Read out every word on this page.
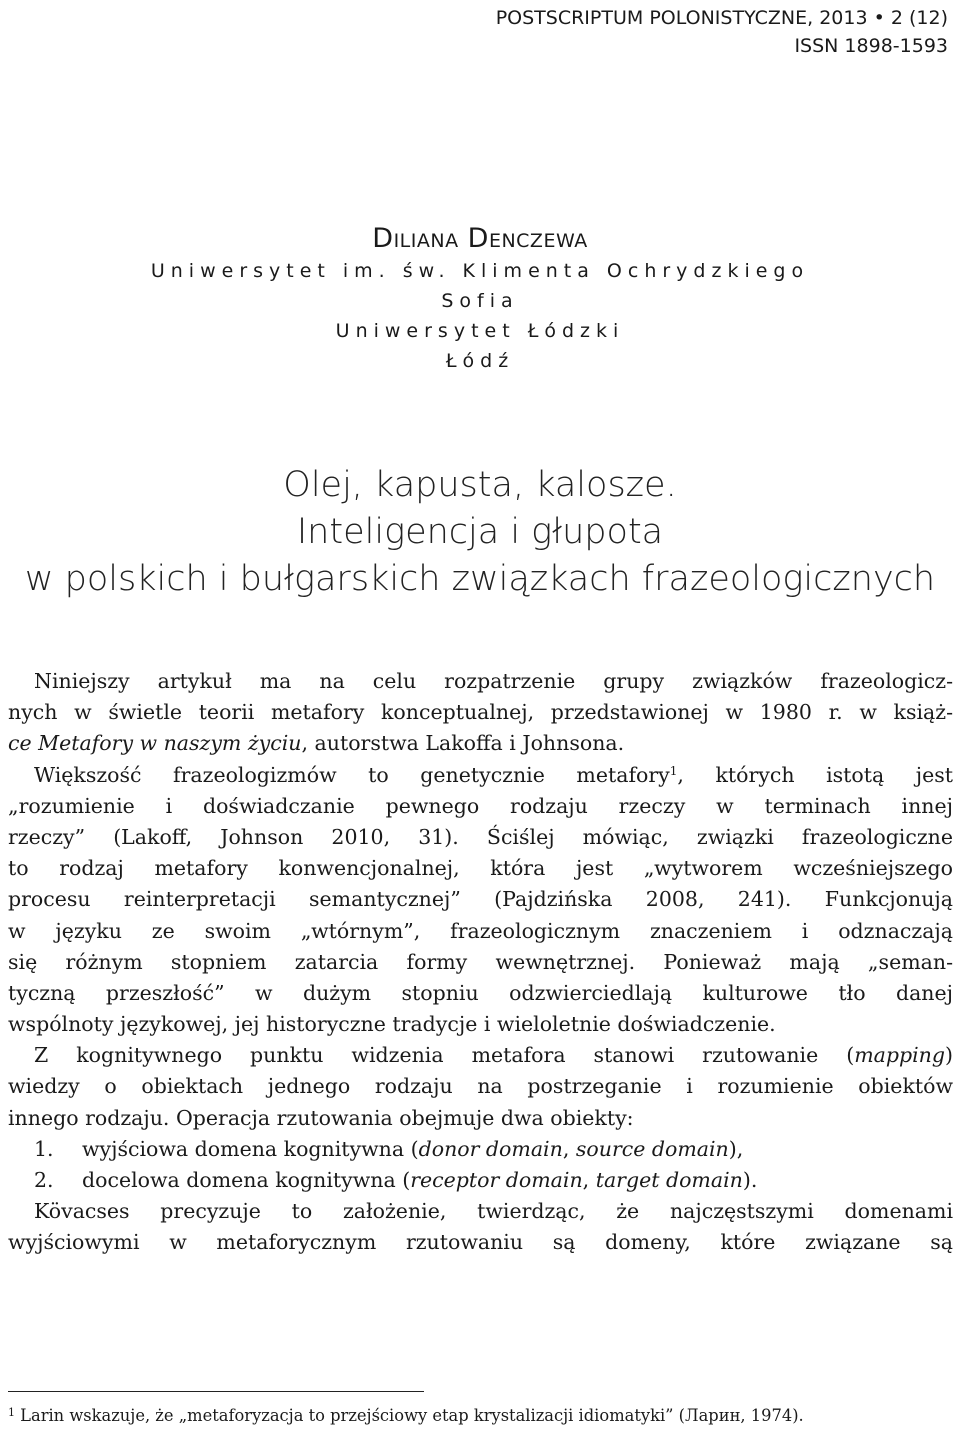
POSTSCRIPTUM POLONISTYCZNE, 2013 • 2 (12)
ISSN 1898-1593
Diliana Denczewa
Uniwersytet im. św. Klimenta Ochrydzkiego
Sofia
Uniwersytet Łódzki
Łódź
Olej, kapusta, kalosze.
Inteligencja i głupota
w polskich i bułgarskich związkach frazeologicznych
Niniejszy artykuł ma na celu rozpatrzenie grupy związków frazeologicz-
nych w świetle teorii metafory konceptualnej, przedstawionej w 1980 r. w książ-
ce Metafory w naszym życiu, autorstwa Lakoffa i Johnsona.
Większość frazeologizmów to genetycznie metafory$^1$, których istotą jest
„rozumienie i doświadczanie pewnego rodzaju rzeczy w terminach innej
rzeczy” (Lakoff, Johnson 2010, 31). Ściślej mówiąc, związki frazeologiczne
to rodzaj metafory konwencjonalnej, która jest „wytworem wcześniejszego
procesu reinterpretacji semantycznej” (Pajdzińska 2008, 241). Funkcjonują
w języku ze swoim „wtórnym”, frazeologicznym znaczeniem i odznaczają
się różnym stopniem zatarcia formy wewnętrznej. Ponieważ mają „seman-
tyczną przeszłość” w dużym stopniu odzwierciedlają kulturowe tło danej
wspólnoty językowej, jej historyczne tradycje i wieloletnie doświadczenie.
Z kognitywnego punktu widzenia metafora stanowi rzutowanie (mapping)
wiedzy o obiektach jednego rodzaju na postrzeganie i rozumienie obiektów
innego rodzaju. Operacja rzutowania obejmuje dwa obiekty:
1. wyjściowa domena kognitywna (donor domain, source domain),
2. docelowa domena kognitywna (receptor domain, target domain).
Kövacses precyzuje to założenie, twierdząc, że najczęstszymi domenami
wyjściowymi w metaforycznym rzutowaniu są domeny, które związane są
$^1$ Larin wskazuje, że „metaforyzacja to przejściowy etap krystalizacji idiomatyki” (Ларин, 1974).
